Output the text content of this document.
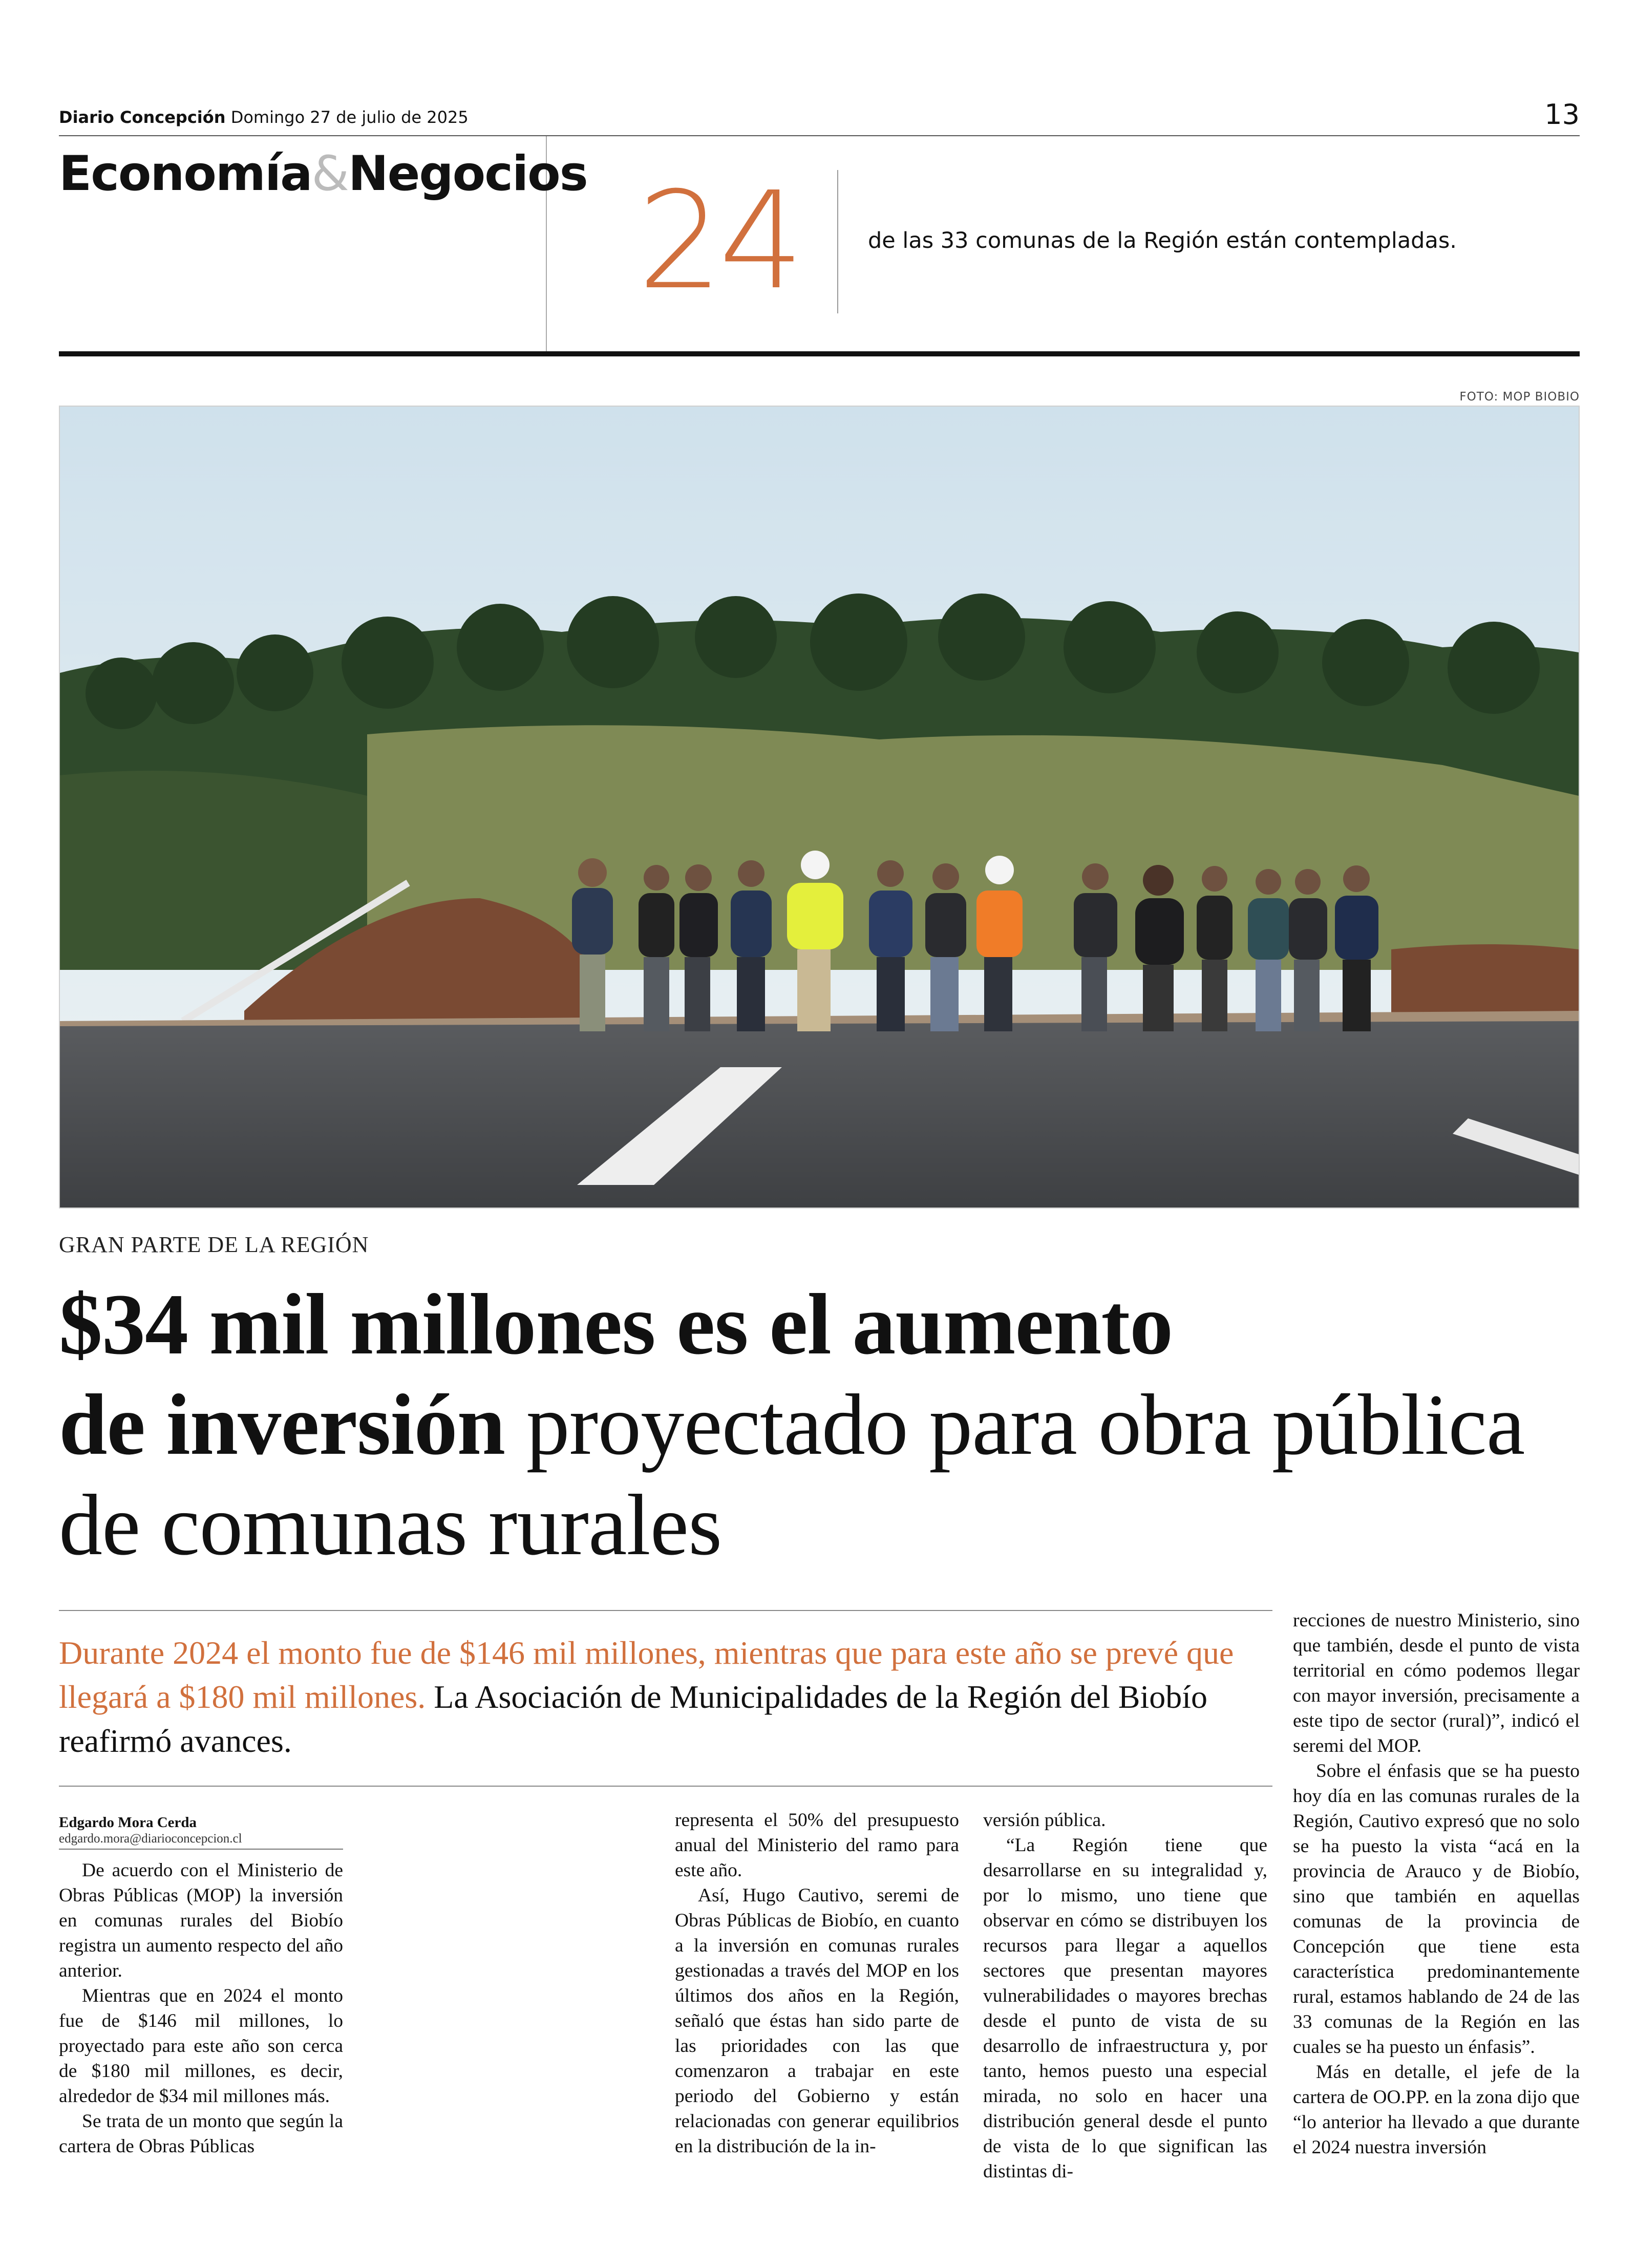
Diario Concepción Domingo 27 de julio de 2025	13
Economía&Negocios 24	de las 33 comunas de la Región están contempladas.
FOTO: MOP BIOBIO
GRAN PARTE DE LA REGIÓN
$34 mil millones es el aumento
de inversión proyectado para obra pública de comunas rurales

Durante 2024 el monto fue de $146 mil millones, mientras que para este año se prevé que llegará a $180 mil millones. La Asociación de Municipalidades de la Región del Biobío reafirmó avances.

Edgardo Mora Cerda
edgardo.mora@diarioconcepcion.cl

De acuerdo con el Ministerio de Obras Públicas (MOP) la inversión en comunas rurales del Biobío registra un aumento respecto del año anterior.

Mientras que en 2024 el monto fue de $146 mil millones, lo proyectado para este año son cerca de $180 mil millones, es decir, alrededor de $34 mil millones más.

Se trata de un monto que según la cartera de Obras Públicas

representa el 50% del presupuesto anual del Ministerio del ramo para este año.

Así, Hugo Cautivo, seremi de Obras Públicas de Biobío, en cuanto a la inversión en comunas rurales gestionadas a través del MOP en los últimos dos años en la Región, señaló que éstas han sido parte de las prioridades con las que comenzaron a trabajar en este periodo del Gobierno y están relacionadas con generar equilibrios en la distribución de la in-

versión pública.

“La Región tiene que desarrollarse en su integralidad y, por lo mismo, uno tiene que observar en cómo se distribuyen los recursos para llegar a aquellos sectores que presentan mayores vulnerabilidades o mayores brechas desde el punto de vista de su desarrollo de infraestructura y, por tanto, hemos puesto una especial mirada, no solo en hacer una distribución general desde el punto de vista de lo que significan las distintas di-

recciones de nuestro Ministerio, sino que también, desde el punto de vista territorial en cómo podemos llegar con mayor inversión, precisamente a este tipo de sector (rural)”, indicó el seremi del MOP.

Sobre el énfasis que se ha puesto hoy día en las comunas rurales de la Región, Cautivo expresó que no solo se ha puesto la vista “acá en la provincia de Arauco y de Biobío, sino que también en aquellas comunas de la provincia de Concepción que tiene esta característica predominantemente rural, estamos hablando de 24 de las 33 comunas de la Región en las cuales se ha puesto un énfasis”.

Más en detalle, el jefe de la cartera de OO.PP. en la zona dijo que “lo anterior ha llevado a que durante el 2024 nuestra inversión
